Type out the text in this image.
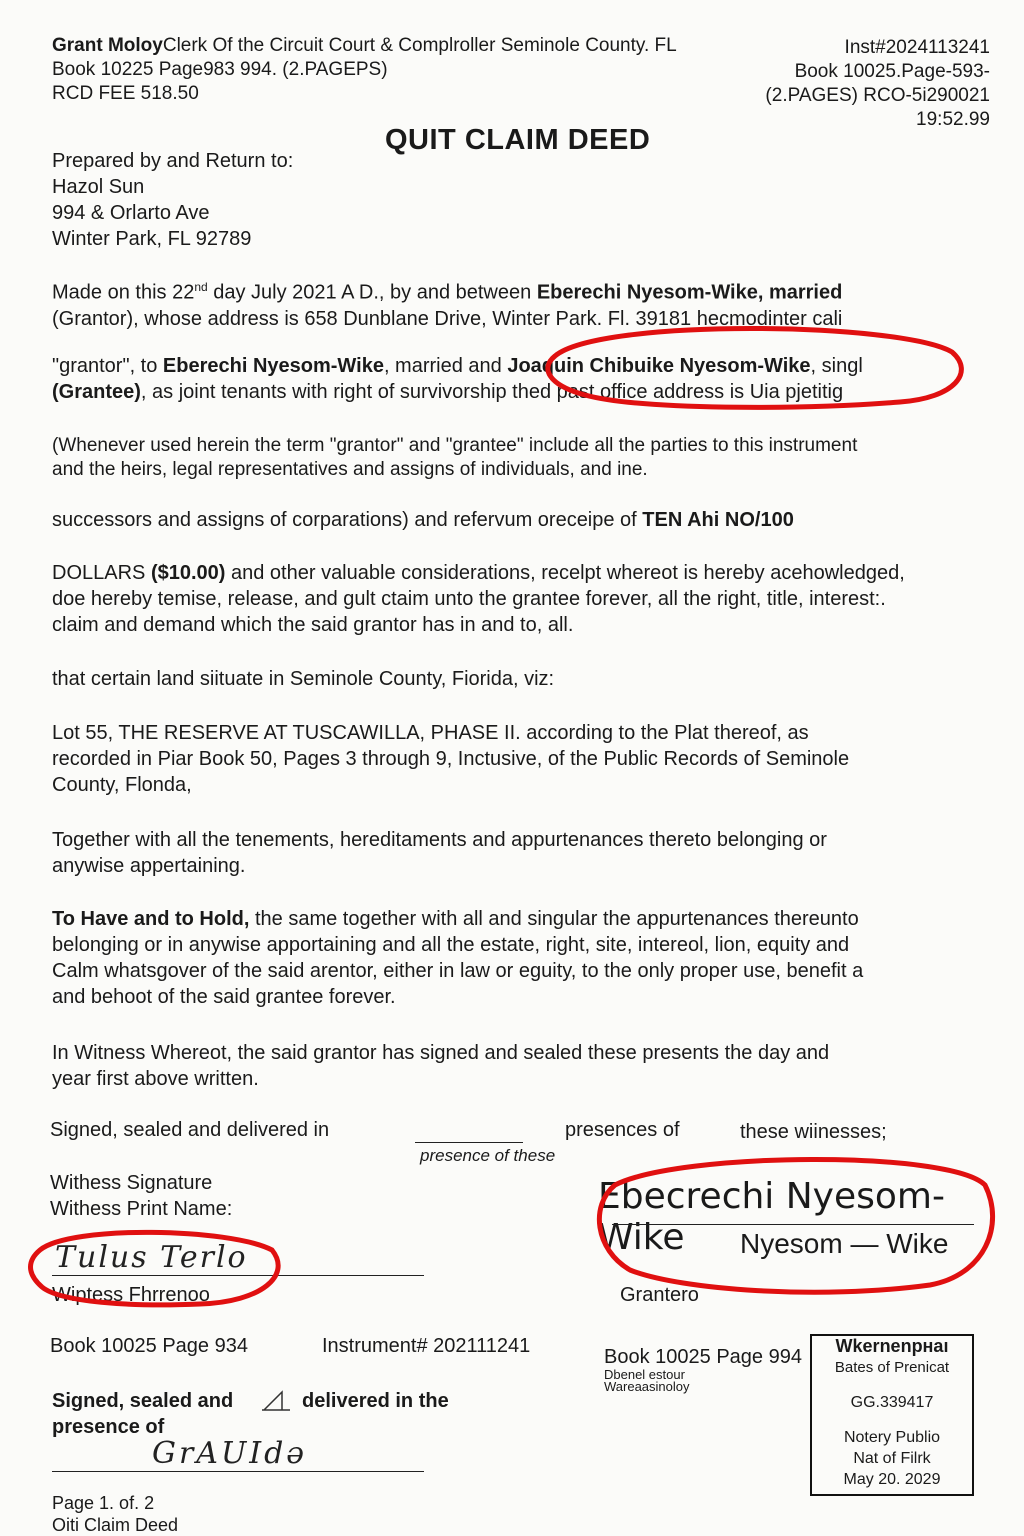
Grant MoloyClerk Of the Circuit Court & Complroller Seminole County. FL
Book 10225 Page983 994. (2.PAGEPS)
RCD FEE 518.50
Inst#2024113241
Book 10025.Page-593-
(2.PAGES) RCO-5i290021
19:52.99
QUIT CLAIM DEED
Prepared by and Return to:
Hazol Sun
994 & Orlarto Ave
Winter Park, FL 92789
Made on this 22nd day July 2021 A D., by and between Eberechi Nyesom-Wike, married
(Grantor), whose address is 658 Dunblane Drive, Winter Park. Fl. 39181 hecmodinter cali
"grantor", to Eberechi Nyesom-Wike, married and Joaquin Chibuike Nyesom-Wike, singl
(Grantee), as joint tenants with right of survivorship thed past office address is Uia pjetitig
(Whenever used herein the term "grantor" and "grantee" include all the parties to this instrument
and the heirs, legal representatives and assigns of individuals, and ine.
successors and assigns of corparations) and refervum oreceipe of TEN Ahi NO/100
DOLLARS ($10.00) and other valuable considerations, recelpt whereot is hereby acehowledged,
doe hereby temise, release, and gult ctaim unto the grantee forever, all the right, title, interest:.
claim and demand which the said grantor has in and to, all.
that certain land siituate in Seminole County, Fiorida, viz:
Lot 55, THE RESERVE AT TUSCAWILLA, PHASE II. according to the Plat thereof, as
recorded in Piar Book 50, Pages 3 through 9, Inctusive, of the Public Records of Seminole
County, Flonda,
Together with all the tenements, hereditaments and appurtenances thereto belonging or
anywise appertaining.
To Have and to Hold, the same together with all and singular the appurtenances thereunto
belonging or in anywise apportaining and all the estate, right, site, intereol, lion, equity and
Calm whatsgover of the said arentor, either in law or eguity, to the only proper use, benefit a
and behoot of the said grantee forever.
In Witness Whereot, the said grantor has signed and sealed these presents the day and
year first above written.
Signed, sealed and delivered in	presences of	these wiinesses;
presence of these
Withess Signature
Withess Print Name:
Tulus Terlo
Wiptess Fhrrenoo
Ebecrechi Nyesom-Wike	Nyesom — Wike
Grantero
Book 10025 Page 934	Instrument# 202111241	Book 10025 Page 994
Dbenel estour
Wareaasinoloy
Signed, sealed and	delivered in the
presence of
GrAUIdə
Wkernenpнaı
Bates of Prenicat
GG.339417
Notery Publio
Nat of Filrk
May 20. 2029
Page 1. of. 2
Oiti Claim Deed
